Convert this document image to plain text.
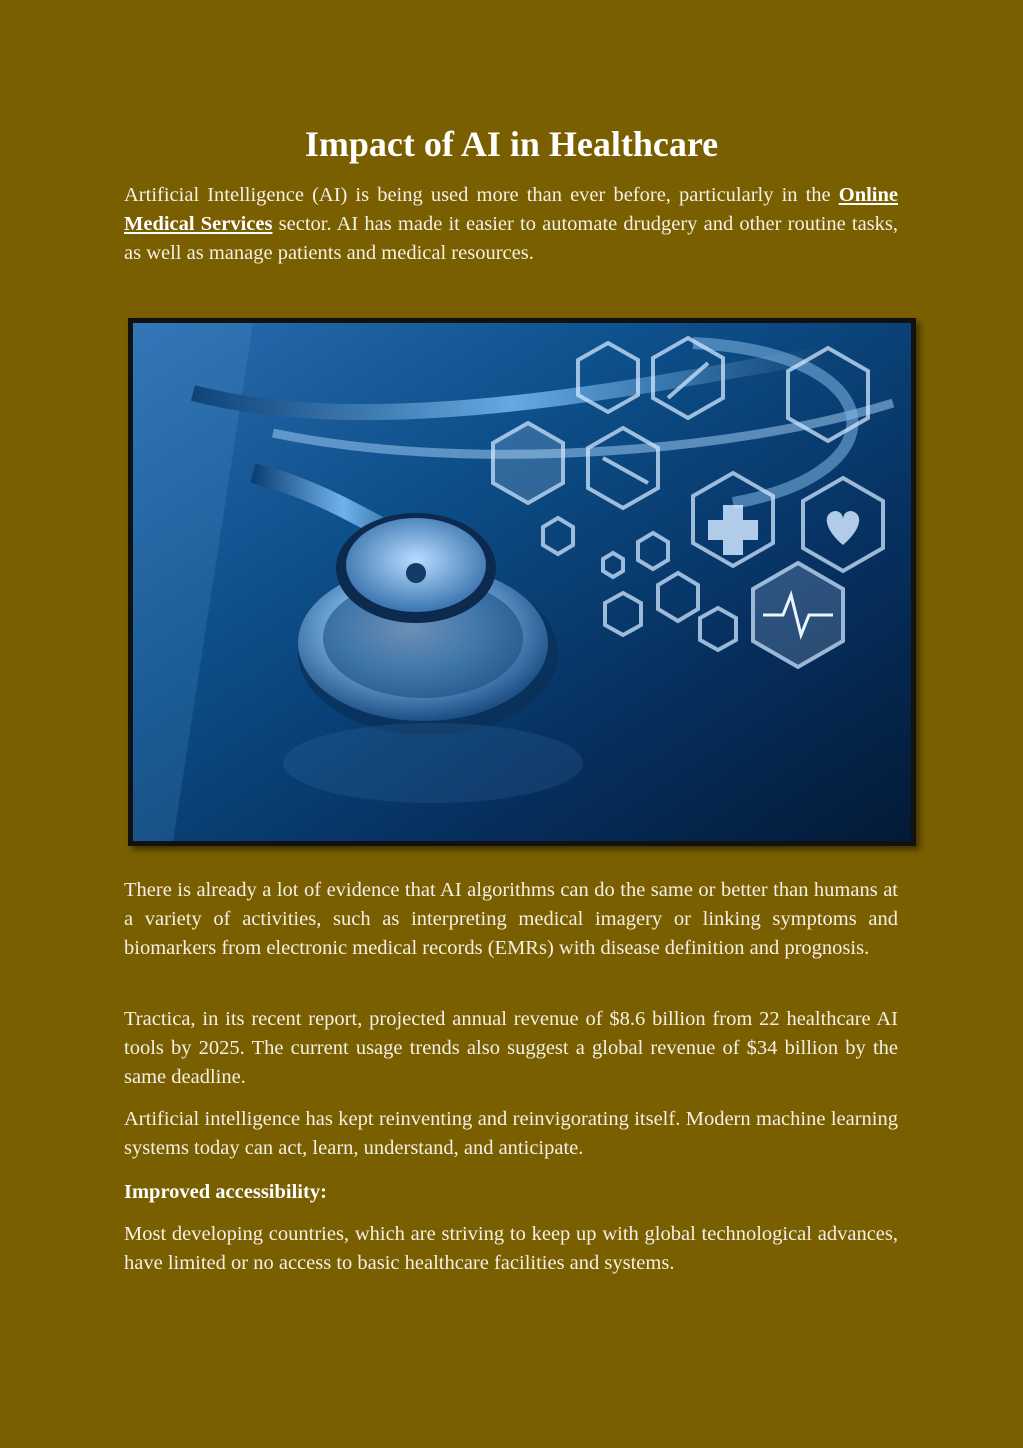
Impact of AI in Healthcare

Artificial Intelligence (AI) is being used more than ever before, particularly in the Online Medical Services sector. AI has made it easier to automate drudgery and other routine tasks, as well as manage patients and medical resources.

There is already a lot of evidence that AI algorithms can do the same or better than humans at a variety of activities, such as interpreting medical imagery or linking symptoms and biomarkers from electronic medical records (EMRs) with disease definition and prognosis.

Tractica, in its recent report, projected annual revenue of $8.6 billion from 22 healthcare AI tools by 2025. The current usage trends also suggest a global revenue of $34 billion by the same deadline.

Artificial intelligence has kept reinventing and reinvigorating itself. Modern machine learning systems today can act, learn, understand, and anticipate.

Improved accessibility:

Most developing countries, which are striving to keep up with global technological advances, have limited or no access to basic healthcare facilities and systems.
